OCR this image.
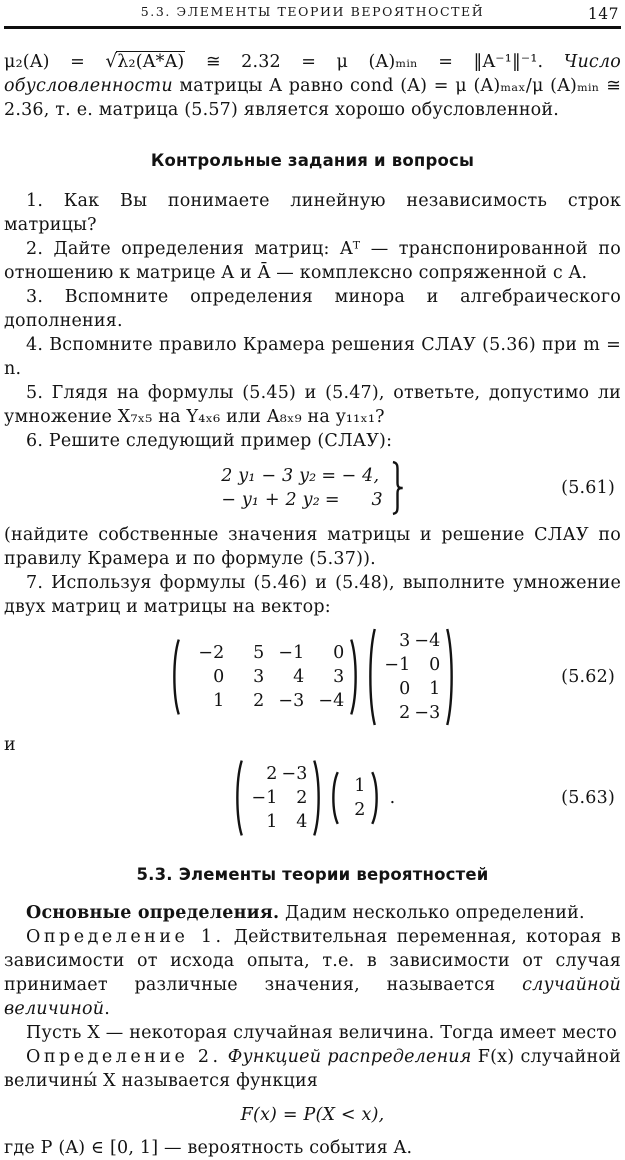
5.3. ЭЛЕМЕНТЫ ТЕОРИИ ВЕРОЯТНОСТЕЙ	147

μ₂(A) = √λ₂(A*A) ≅ 2.32 = μ (A)ₘᵢₙ = ‖A⁻¹‖⁻¹. Число обусловленности матрицы A равно cond (A) = μ (A)ₘₐₓ/μ (A)ₘᵢₙ ≅ 2.36, т. е. матрица (5.57) является хорошо обусловленной.

Контрольные задания и вопросы

1. Как Вы понимаете линейную независимость строк матрицы?

2. Дайте определения матриц: Aᵀ — транспонированной по отношению к матрице A и Ā — комплексно сопряженной с A.

3. Вспомните определения минора и алгебраического дополнения.

4. Вспомните правило Крамера решения СЛАУ (5.36) при m = n.

5. Глядя на формулы (5.45) и (5.47), ответьте, допустимо ли умножение X₇ₓ₅ на Y₄ₓ₆ или A₈ₓ₉ на y₁₁ₓ₁?

6. Решите следующий пример (СЛАУ):

2 y₁ − 3 y₂ = − 4,
− y₁ + 2 y₂ =	3
(5.61)

(найдите собственные значения матрицы и решение СЛАУ по правилу Крамера и по формуле (5.37)).

7. Используя формулы (5.46) и (5.48), выполните умножение двух матриц и матрицы на вектор:

−2	5 −1	0
0	3	4	3
1	2 −3 −4
3 −4
−1	0
0	1
2 −3
(5.62)

и

2 −3
−1	2
1	4
1
2
.	(5.63)
5.3. Элементы теории вероятностей

Основные определения. Дадим несколько определений.

Определение 1. Действительная переменная, которая в зависимости от исхода опыта, т.е. в зависимости от случая принимает различные значения, называется случайной величиной.

Пусть X — некоторая случайная величина. Тогда имеет место

Определение 2. Функцией распределения F(x) случайной величины́ X называется функция

F(x) = P(X < x),

где P (A) ∈ [0, 1] — вероятность события A.
